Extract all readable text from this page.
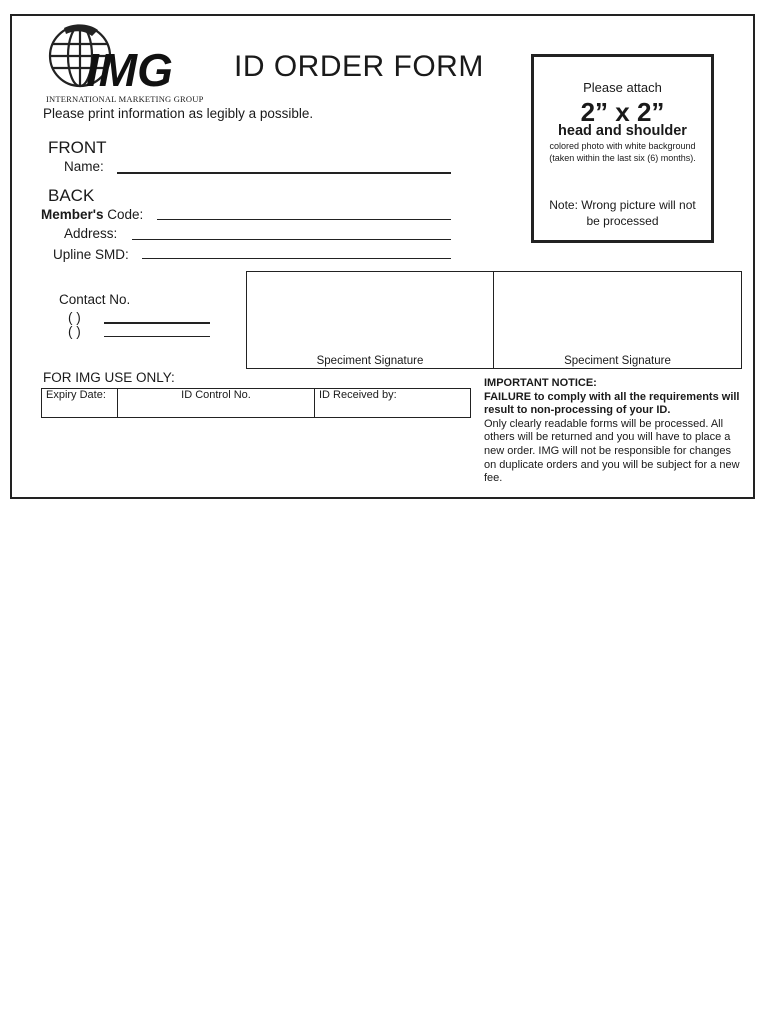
IMG
INTERNATIONAL MARKETING GROUP
ID ORDER FORM
Please print information as legibly a possible.
FRONT
Name:
BACK
Member's Code:
Address:
Upline SMD:
Contact No.
( )
( )
Please attach
2” x 2”
head and shoulder
colored photo with white background
(taken within the last six (6) months).
Note: Wrong picture will not be processed
Speciment Signature	Speciment Signature
FOR IMG USE ONLY:
Expiry Date:	ID Control No.	ID Received by:
IMPORTANT NOTICE:
FAILURE to comply with all the requirements will result to non-processing of your ID.
Only clearly readable forms will be processed. All others will be returned and you will have to place a new order. IMG will not be responsible for changes on duplicate orders and you will be subject for a new fee.
